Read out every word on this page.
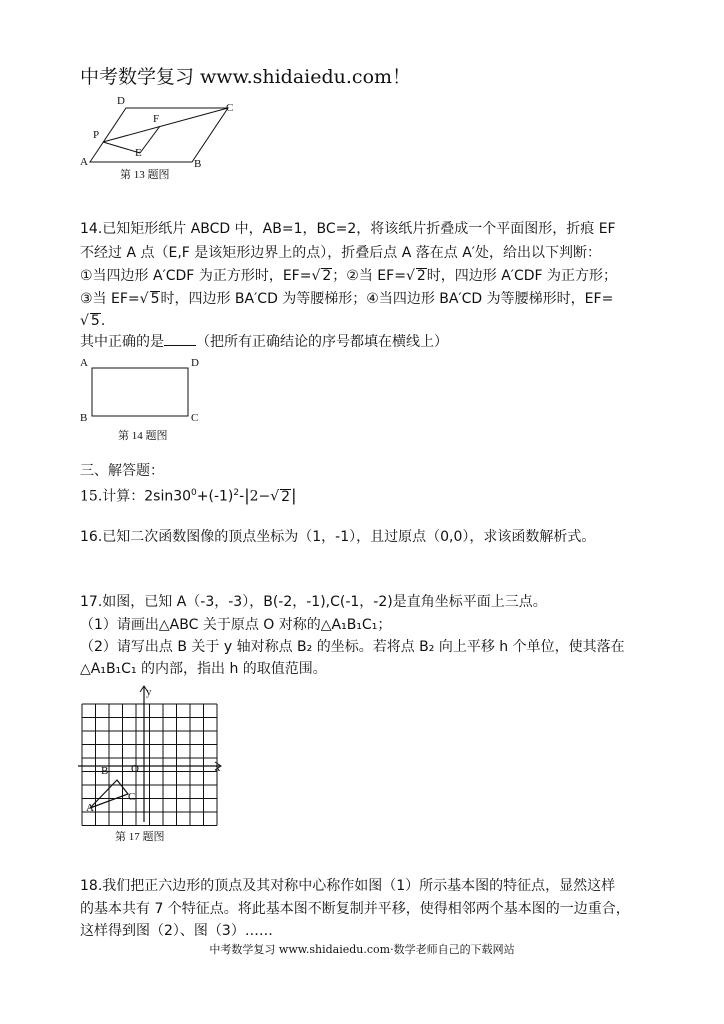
中考数学复习 www.shidaiedu.com！
D
C
F
P
E
A	B
第 13 题图
14.已知矩形纸片 ABCD 中，AB=1，BC=2，将该纸片折叠成一个平面图形，折痕 EF
不经过 A 点（E,F 是该矩形边界上的点），折叠后点 A 落在点 A′处，给出以下判断：
①当四边形 A′CDF 为正方形时，EF=√ 2；②当 EF=√ 2时，四边形 A′CDF 为正方形；
③当 EF=√ 5时，四边形 BA′CD 为等腰梯形；④当四边形 BA′CD 为等腰梯形时，EF=
√ 5.
其中正确的是 （把所有正确结论的序号都填在横线上）
A	D
B	C
第 14 题图
三、解答题：
15.计算：$2\sin 30^0+(-1)^2-|2-√$ 2|
16.已知二次函数图像的顶点坐标为（1，-1），且过原点（0,0），求该函数解析式。
17.如图，已知 A（-3，-3），B(-2，-1),C(-1，-2)是直角坐标平面上三点。
（1）请画出△ABC 关于原点 O 对称的△A₁B₁C₁；
（2）请写出点 B 关于 y 轴对称点 B₂ 的坐标。若将点 B₂ 向上平移 h 个单位，使其落在
△A₁B₁C₁ 的内部，指出 h 的取值范围。
y
x
O
B
C
A
第 17 题图
18.我们把正六边形的顶点及其对称中心称作如图（1）所示基本图的特征点，显然这样
的基本共有 7 个特征点。将此基本图不断复制并平移，使得相邻两个基本图的一边重合，
这样得到图（2）、图（3）……
中考数学复习 www.shidaiedu.com·数学老师自己的下载网站
